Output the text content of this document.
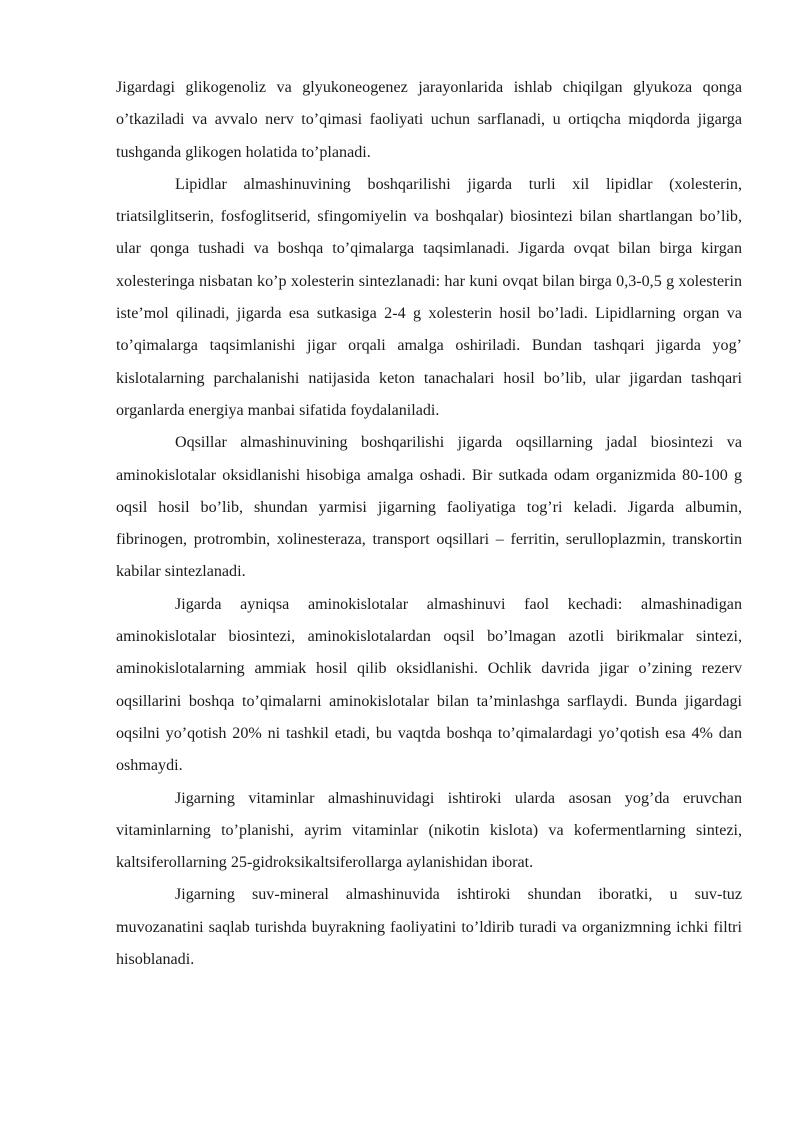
Jigardagi glikogenoliz va glyukoneogenez jarayonlarida ishlab chiqilgan glyukoza qonga o’tkaziladi va avvalo nerv to’qimasi faoliyati uchun sarflanadi, u ortiqcha miqdorda jigarga tushganda glikogen holatida to’planadi.

Lipidlar almashinuvining boshqarilishi jigarda turli xil lipidlar (xolesterin, triatsilglitserin, fosfoglitserid, sfingomiyelin va boshqalar) biosintezi bilan shartlangan bo’lib, ular qonga tushadi va boshqa to’qimalarga taqsimlanadi. Jigarda ovqat bilan birga kirgan xolesteringa nisbatan ko’p xolesterin sintezlanadi: har kuni ovqat bilan birga 0,3-0,5 g xolesterin iste’mol qilinadi, jigarda esa sutkasiga 2-4 g xolesterin hosil bo’ladi. Lipidlarning organ va to’qimalarga taqsimlanishi jigar orqali amalga oshiriladi. Bundan tashqari jigarda yog’ kislotalarning parchalanishi natijasida keton tanachalari hosil bo’lib, ular jigardan tashqari organlarda energiya manbai sifatida foydalaniladi.

Oqsillar almashinuvining boshqarilishi jigarda oqsillarning jadal biosintezi va aminokislotalar oksidlanishi hisobiga amalga oshadi. Bir sutkada odam organizmida 80-100 g oqsil hosil bo’lib, shundan yarmisi jigarning faoliyatiga tog’ri keladi. Jigarda albumin, fibrinogen, protrombin, xolinesteraza, transport oqsillari – ferritin, serulloplazmin, transkortin kabilar sintezlanadi.

Jigarda ayniqsa aminokislotalar almashinuvi faol kechadi: almashinadigan aminokislotalar biosintezi, aminokislotalardan oqsil bo’lmagan azotli birikmalar sintezi, aminokislotalarning ammiak hosil qilib oksidlanishi. Ochlik davrida jigar o’zining rezerv oqsillarini boshqa to’qimalarni aminokislotalar bilan ta’minlashga sarflaydi. Bunda jigardagi oqsilni yo’qotish 20% ni tashkil etadi, bu vaqtda boshqa to’qimalardagi yo’qotish esa 4% dan oshmaydi.

Jigarning vitaminlar almashinuvidagi ishtiroki ularda asosan yog’da eruvchan vitaminlarning to’planishi, ayrim vitaminlar (nikotin kislota) va kofermentlarning sintezi, kaltsiferollarning 25-gidroksikaltsiferollarga aylanishidan iborat.

Jigarning suv-mineral almashinuvida ishtiroki shundan iboratki, u suv-tuz muvozanatini saqlab turishda buyrakning faoliyatini to’ldirib turadi va organizmning ichki filtri hisoblanadi.
